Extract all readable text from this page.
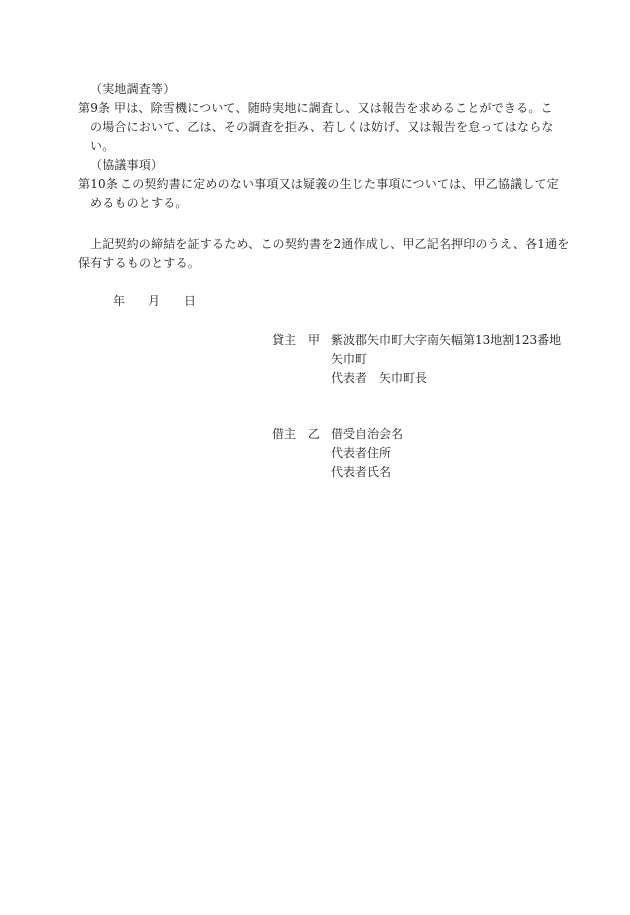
（実地調査等）
第9条 甲は、除雪機について、随時実地に調査し、又は報告を求めることができる。こ
の場合において、乙は、その調査を拒み、若しくは妨げ、又は報告を怠ってはならな
い。
（協議事項）
第10条 この契約書に定めのない事項又は疑義の生じた事項については、甲乙協議して定
めるものとする。
上記契約の締結を証するため、この契約書を2通作成し、甲乙記名押印のうえ、各1通を
保有するものとする。
年 月 日
貸主　甲 紫波郡矢巾町大字南矢幅第13地割123番地
矢巾町
代表者　矢巾町長
借主　乙 借受自治会名
代表者住所
代表者氏名
